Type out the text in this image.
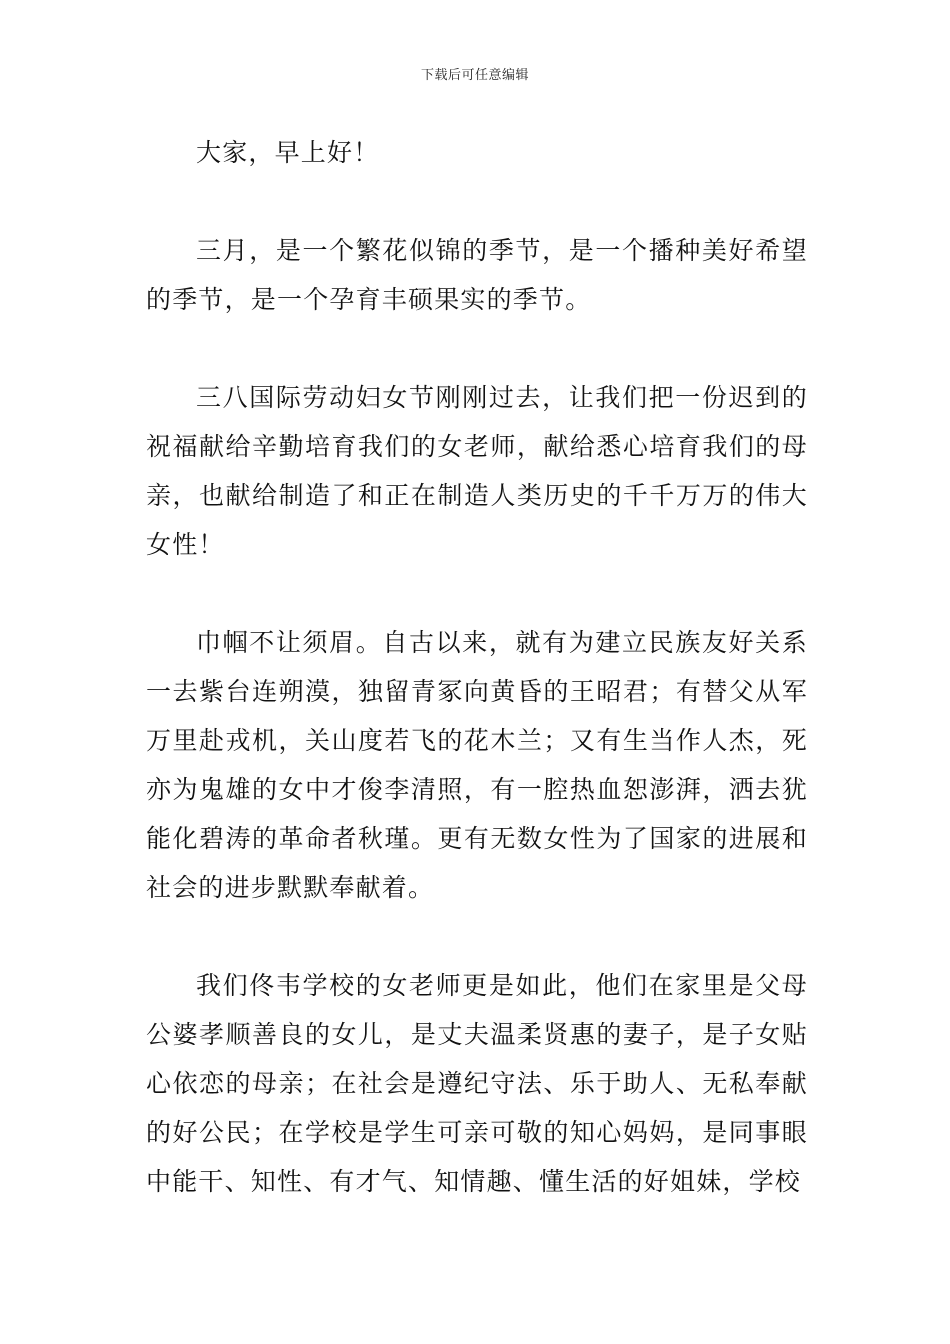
下载后可任意编辑

大家，早上好！

三月，是一个繁花似锦的季节，是一个播种美好希望的季节，是一个孕育丰硕果实的季节。

三八国际劳动妇女节刚刚过去，让我们把一份迟到的祝福献给辛勤培育我们的女老师，献给悉心培育我们的母亲，也献给制造了和正在制造人类历史的千千万万的伟大女性！

巾帼不让须眉。自古以来，就有为建立民族友好关系一去紫台连朔漠，独留青冢向黄昏的王昭君；有替父从军万里赴戎机，关山度若飞的花木兰；又有生当作人杰，死亦为鬼雄的女中才俊李清照，有一腔热血恕澎湃，洒去犹能化碧涛的革命者秋瑾。更有无数女性为了国家的进展和社会的进步默默奉献着。

我们佟韦学校的女老师更是如此，他们在家里是父母公婆孝顺善良的女儿，是丈夫温柔贤惠的妻子，是子女贴心依恋的母亲；在社会是遵纪守法、乐于助人、无私奉献的好公民；在学校是学生可亲可敬的知心妈妈，是同事眼中能干、知性、有才气、知情趣、懂生活的好姐妹，学校
